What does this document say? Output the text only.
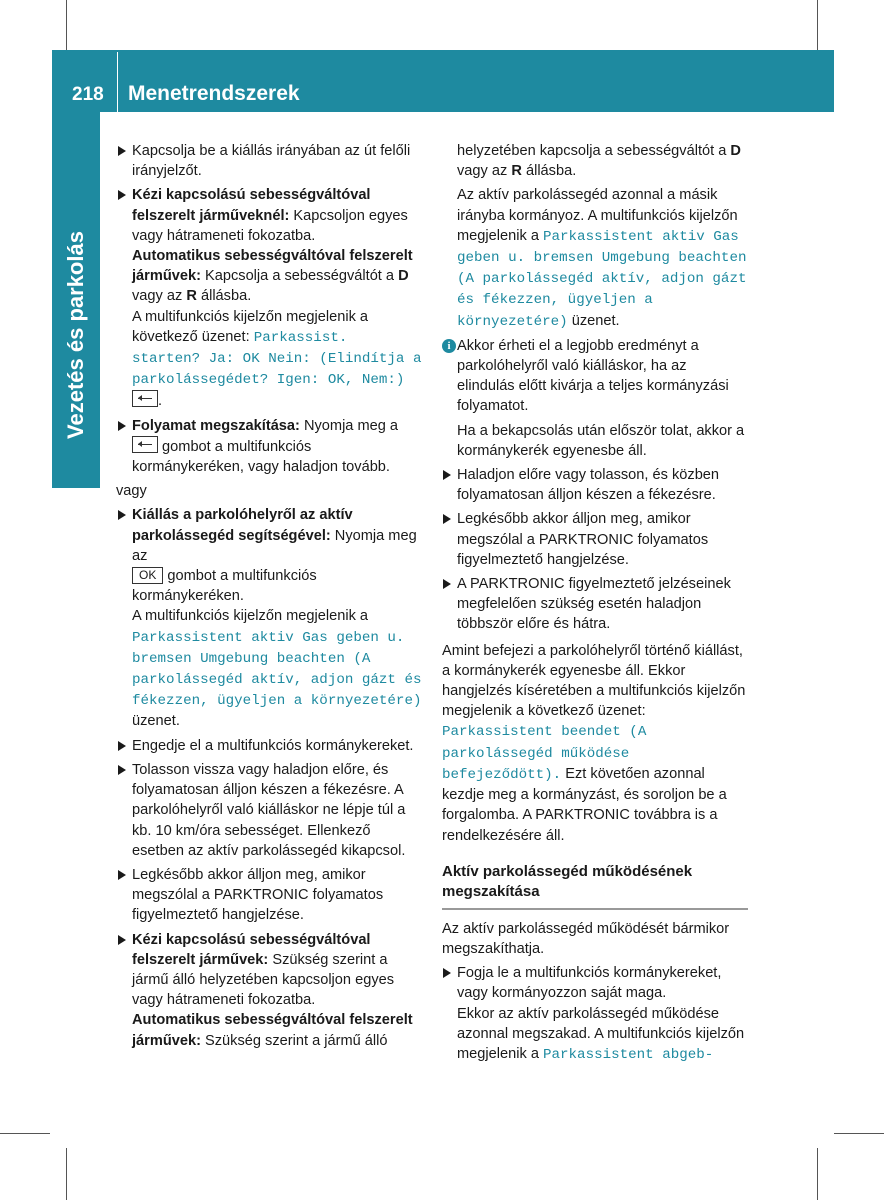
218 Menetrendszerek
Vezetés és parkolás
Kapcsolja be a kiállás irányában az út felőli irányjelzőt.
Kézi kapcsolású sebességváltóval felszerelt járműveknél: Kapcsoljon egyes vagy hátrameneti fokozatba.
Automatikus sebességváltóval felszerelt járművek: Kapcsolja a sebességváltót a D vagy az R állásba.
A multifunkciós kijelzőn megjelenik a következő üzenet: Parkassist. starten? Ja: OK Nein: (Elindítja a parkolássegédet? Igen: OK, Nem:) .
Folyamat megszakítása: Nyomja meg a
gombot a multifunkciós kormánykeréken, vagy haladjon tovább.
vagy
Kiállás a parkolóhelyről az aktív parkolássegéd segítségével: Nyomja meg az
OK gombot a multifunkciós kormánykeréken.
A multifunkciós kijelzőn megjelenik a Parkassistent aktiv Gas geben u. bremsen Umgebung beachten (A parkolássegéd aktív, adjon gázt és fékezzen, ügyeljen a környezetére) üzenet.
Engedje el a multifunkciós kormánykereket.
Tolasson vissza vagy haladjon előre, és folyamatosan álljon készen a fékezésre. A parkolóhelyről való kiálláskor ne lépje túl a kb. 10 km/óra sebességet. Ellenkező esetben az aktív parkolássegéd kikapcsol.
Legkésőbb akkor álljon meg, amikor megszólal a PARKTRONIC folyamatos figyelmeztető hangjelzése.
Kézi kapcsolású sebességváltóval felszerelt járművek: Szükség szerint a jármű álló helyzetében kapcsoljon egyes vagy hátrameneti fokozatba.
Automatikus sebességváltóval felszerelt járművek: Szükség szerint a jármű álló
helyzetében kapcsolja a sebességváltót a D vagy az R állásba.
Az aktív parkolássegéd azonnal a másik irányba kormányoz. A multifunkciós kijelzőn megjelenik a Parkassistent aktiv Gas geben u. bremsen Umgebung beachten (A parkolássegéd aktív, adjon gázt és fékezzen, ügyeljen a környezetére) üzenet.
i Akkor érheti el a legjobb eredményt a parkolóhelyről való kiálláskor, ha az elindulás előtt kivárja a teljes kormányzási folyamatot.
Ha a bekapcsolás után először tolat, akkor a kormánykerék egyenesbe áll.
Haladjon előre vagy tolasson, és közben folyamatosan álljon készen a fékezésre.
Legkésőbb akkor álljon meg, amikor megszólal a PARKTRONIC folyamatos figyelmeztető hangjelzése.
A PARKTRONIC figyelmeztető jelzéseinek megfelelően szükség esetén haladjon többször előre és hátra.
Amint befejezi a parkolóhelyről történő kiállást, a kormánykerék egyenesbe áll. Ekkor hangjelzés kíséretében a multifunkciós kijelzőn megjelenik a következő üzenet: Parkassistent beendet (A parkolássegéd működése befejeződött). Ezt követően azonnal kezdje meg a kormányzást, és soroljon be a forgalomba. A PARKTRONIC továbbra is a rendelkezésére áll.
Aktív parkolássegéd működésének megszakítása
Az aktív parkolássegéd működését bármikor megszakíthatja.
Fogja le a multifunkciós kormánykereket, vagy kormányozzon saját maga.
Ekkor az aktív parkolássegéd működése azonnal megszakad. A multifunkciós kijelzőn megjelenik a Parkassistent abgeb-
